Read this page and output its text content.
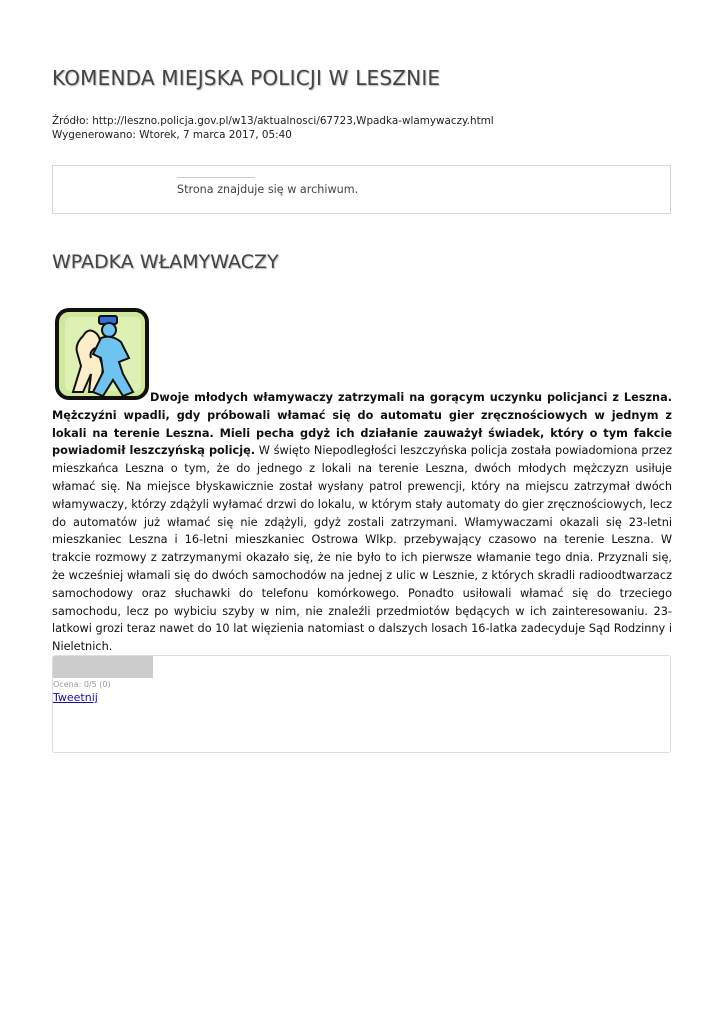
KOMENDA MIEJSKA POLICJI W LESZNIE
Źródło: http://leszno.policja.gov.pl/w13/aktualnosci/67723,Wpadka-wlamywaczy.html
Wygenerowano: Wtorek, 7 marca 2017, 05:40
Strona znajduje się w archiwum.
WPADKA WŁAMYWACZY
Dwoje młodych włamywaczy zatrzymali na gorącym uczynku policjanci z Leszna. Mężczyźni wpadli, gdy próbowali włamać się do automatu gier zręcznościowych w jednym z lokali na terenie Leszna. Mieli pecha gdyż ich działanie zauważył świadek, który o tym fakcie powiadomił leszczyńską policję. W święto Niepodległości leszczyńska policja została powiadomiona przez mieszkańca Leszna o tym, że do jednego z lokali na terenie Leszna, dwóch młodych mężczyzn usiłuje włamać się. Na miejsce błyskawicznie został wysłany patrol prewencji, który na miejscu zatrzymał dwóch włamywaczy, którzy zdążyli wyłamać drzwi do lokalu, w którym stały automaty do gier zręcznościowych, lecz do automatów już włamać się nie zdążyli, gdyż zostali zatrzymani. Włamywaczami okazali się 23-letni mieszkaniec Leszna i 16-letni mieszkaniec Ostrowa Wlkp. przebywający czasowo na terenie Leszna. W trakcie rozmowy z zatrzymanymi okazało się, że nie było to ich pierwsze włamanie tego dnia. Przyznali się, że wcześniej włamali się do dwóch samochodów na jednej z ulic w Lesznie, z których skradli radioodtwarzacz samochodowy oraz słuchawki do telefonu komórkowego. Ponadto usiłowali włamać się do trzeciego samochodu, lecz po wybiciu szyby w nim, nie znaleźli przedmiotów będących w ich zainteresowaniu. 23-latkowi grozi teraz nawet do 10 lat więzienia natomiast o dalszych losach 16-latka zadecyduje Sąd Rodzinny i Nieletnich.
Ocena: 0/5 (0)
Tweetnij
